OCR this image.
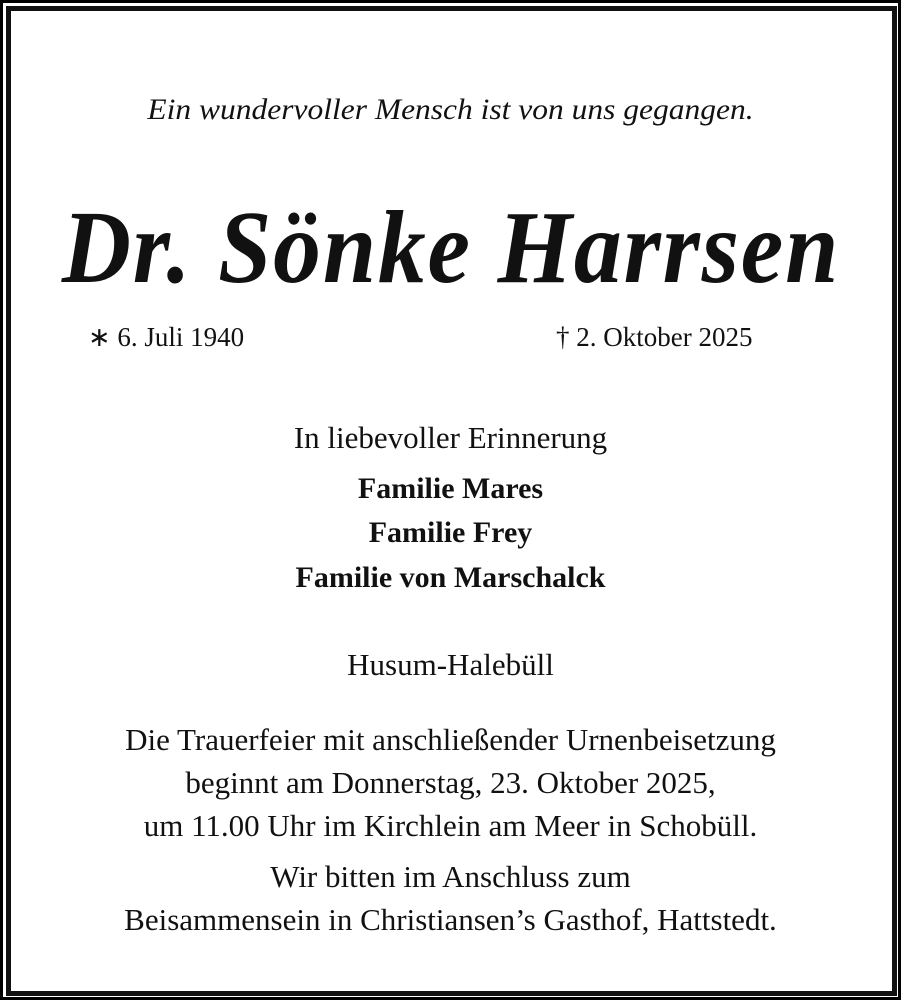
Ein wundervoller Mensch ist von uns gegangen.
Dr. Sönke Harrsen
∗ 6. Juli 1940	† 2. Oktober 2025
In liebevoller Erinnerung
Familie Mares
Familie Frey
Familie von Marschalck
Husum-Halebüll
Die Trauerfeier mit anschließender Urnenbeisetzung
beginnt am Donnerstag, 23. Oktober 2025,
um 11.00 Uhr im Kirchlein am Meer in Schobüll.
Wir bitten im Anschluss zum
Beisammensein in Christiansen’s Gasthof, Hattstedt.
